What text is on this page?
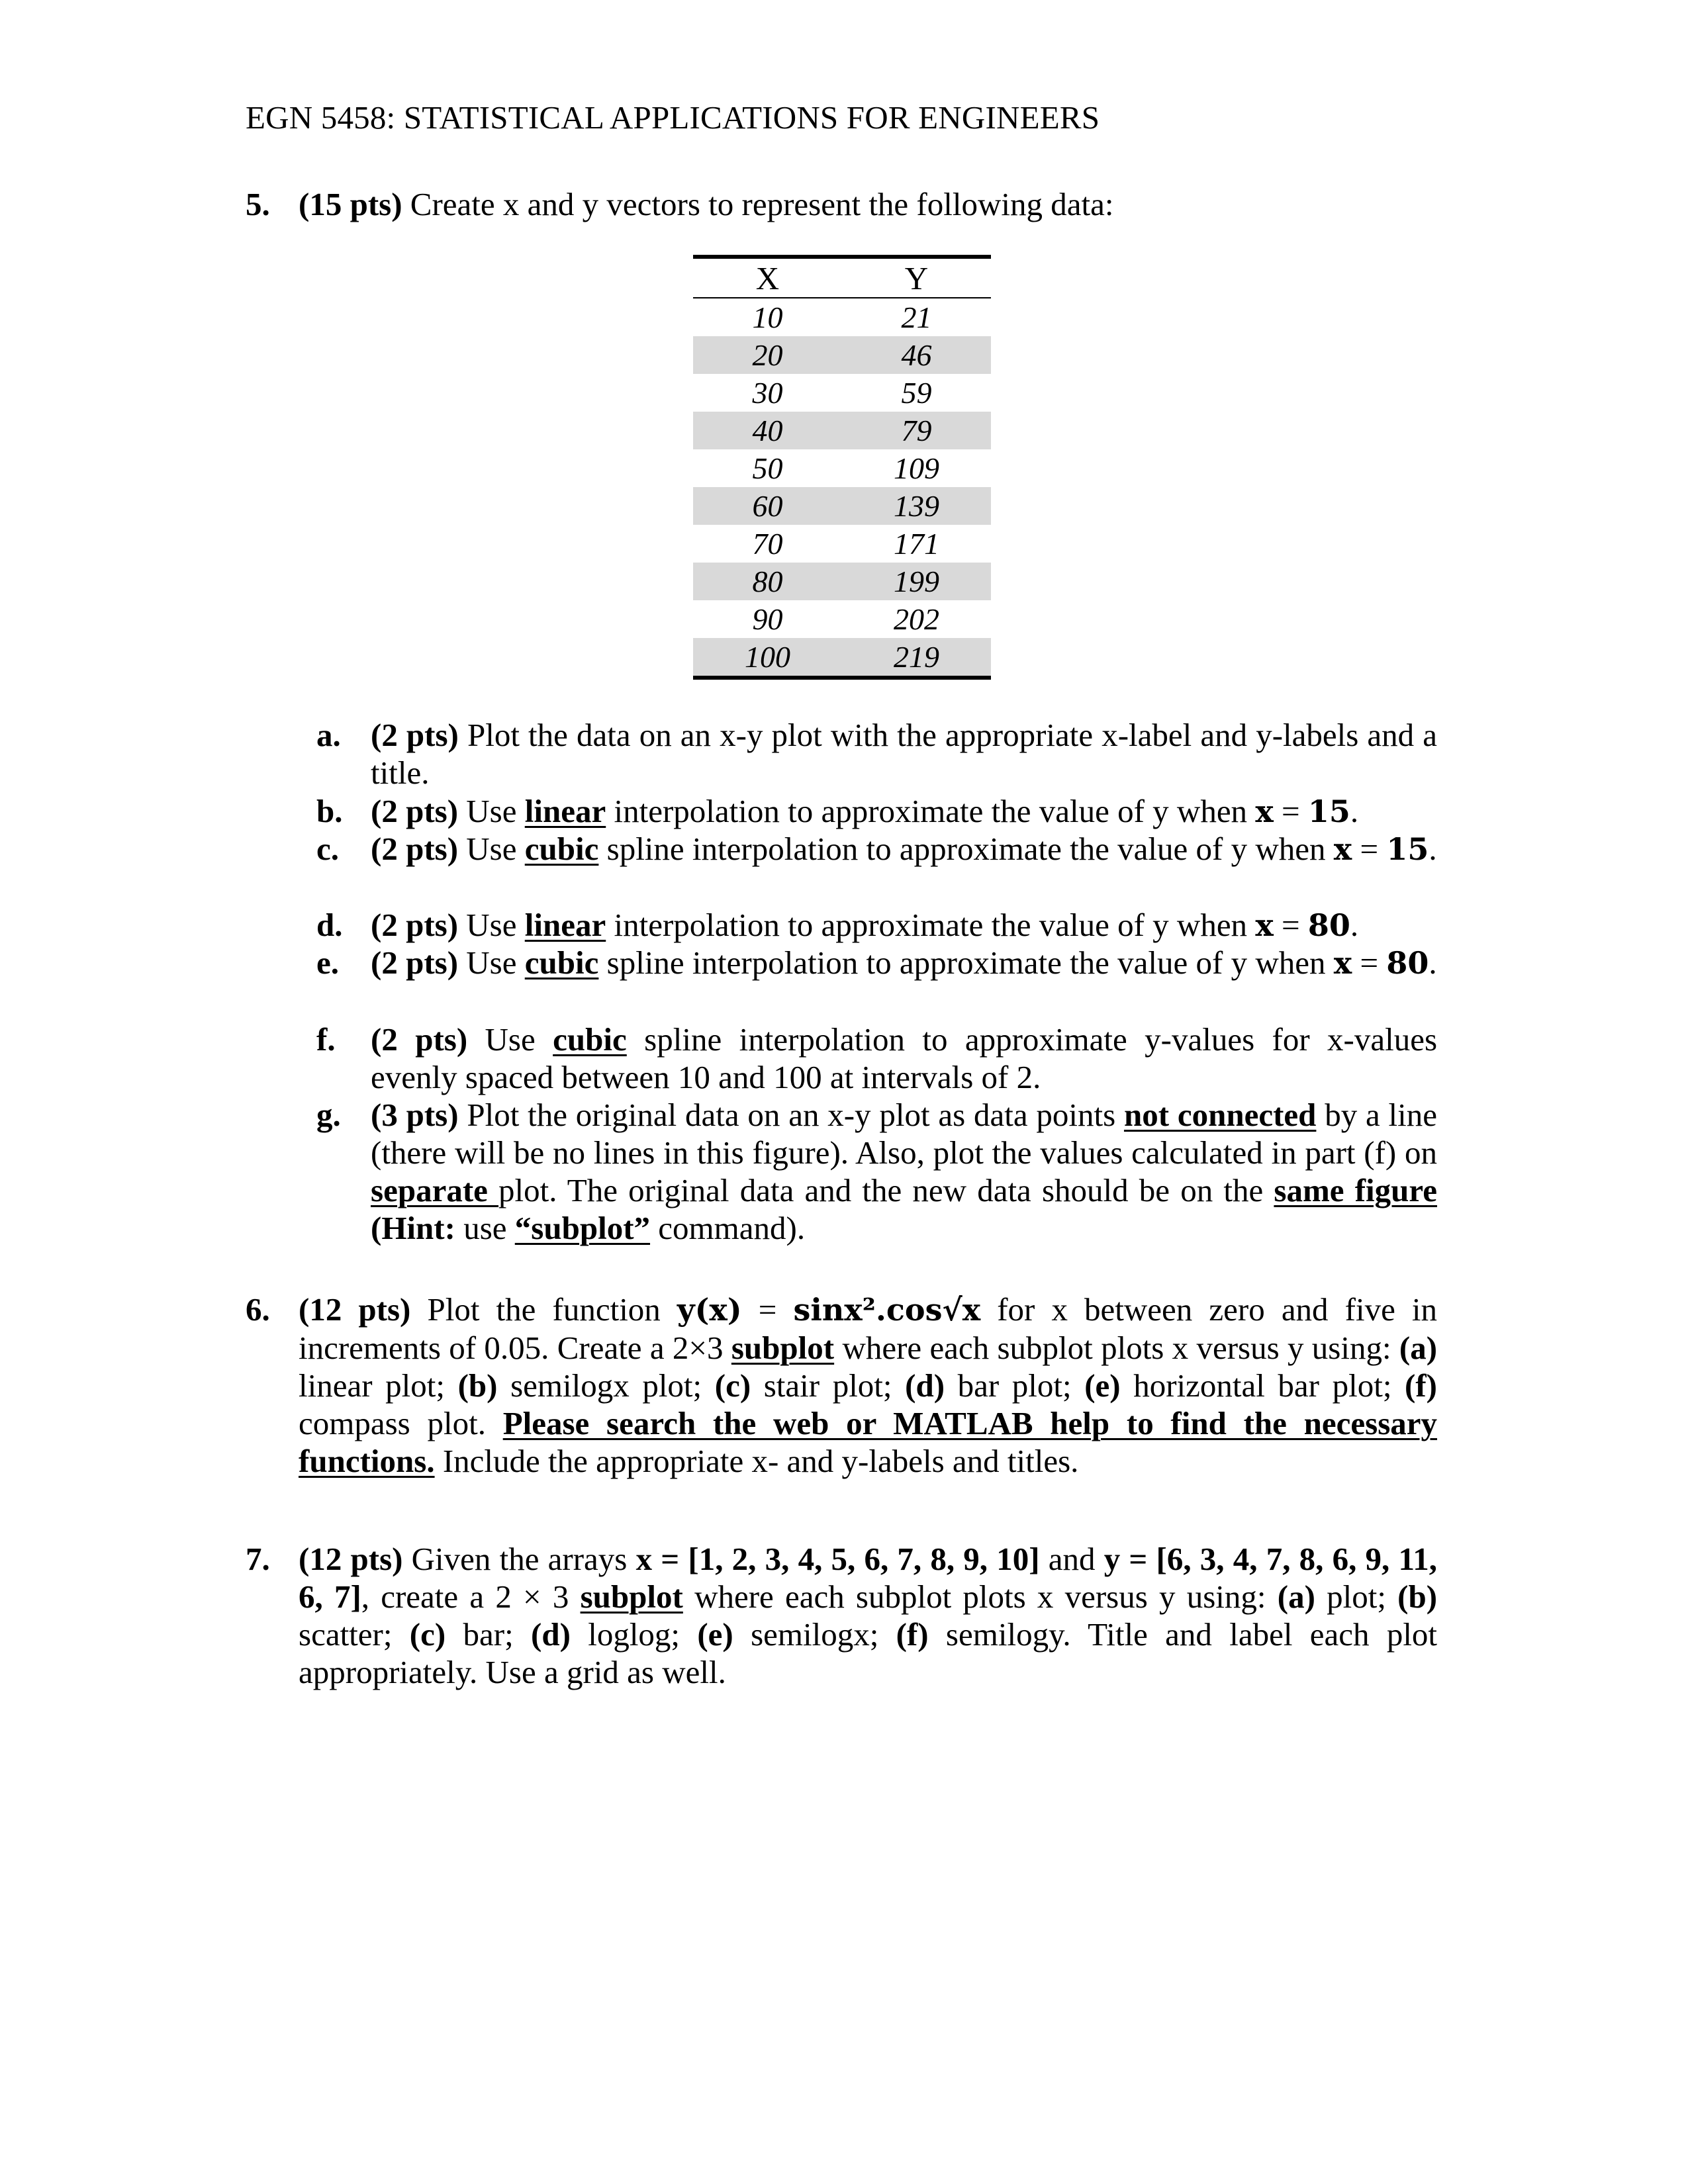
EGN 5458: STATISTICAL APPLICATIONS FOR ENGINEERS
5. (15 pts) Create x and y vectors to represent the following data:
X	Y
10	21
20	46
30	59
40	79
50	109
60	139
70	171
80	199
90	202
100	219
a. (2 pts) Plot the data on an x-y plot with the appropriate x-label and y-labels and a title.
b. (2 pts) Use linear interpolation to approximate the value of y when x = 15.
c. (2 pts) Use cubic spline interpolation to approximate the value of y when x = 15.
d. (2 pts) Use linear interpolation to approximate the value of y when x = 80.
e. (2 pts) Use cubic spline interpolation to approximate the value of y when x = 80.
f. (2 pts) Use cubic spline interpolation to approximate y-values for x-values evenly spaced between 10 and 100 at intervals of 2.
g. (3 pts) Plot the original data on an x-y plot as data points not connected by a line (there will be no lines in this figure). Also, plot the values calculated in part (f) on separate plot. The original data and the new data should be on the same figure (Hint: use “subplot” command).
6. (12 pts) Plot the function y(x) = sinx².cos√x for x between zero and five in increments of 0.05. Create a 2×3 subplot where each subplot plots x versus y using: (a) linear plot; (b) semilogx plot; (c) stair plot; (d) bar plot; (e) horizontal bar plot; (f) compass plot. Please search the web or MATLAB help to find the necessary functions. Include the appropriate x- and y-labels and titles.
7. (12 pts) Given the arrays x = [1, 2, 3, 4, 5, 6, 7, 8, 9, 10] and y = [6, 3, 4, 7, 8, 6, 9, 11, 6, 7], create a 2 × 3 subplot where each subplot plots x versus y using: (a) plot; (b) scatter; (c) bar; (d) loglog; (e) semilogx; (f) semilogy. Title and label each plot appropriately. Use a grid as well.
